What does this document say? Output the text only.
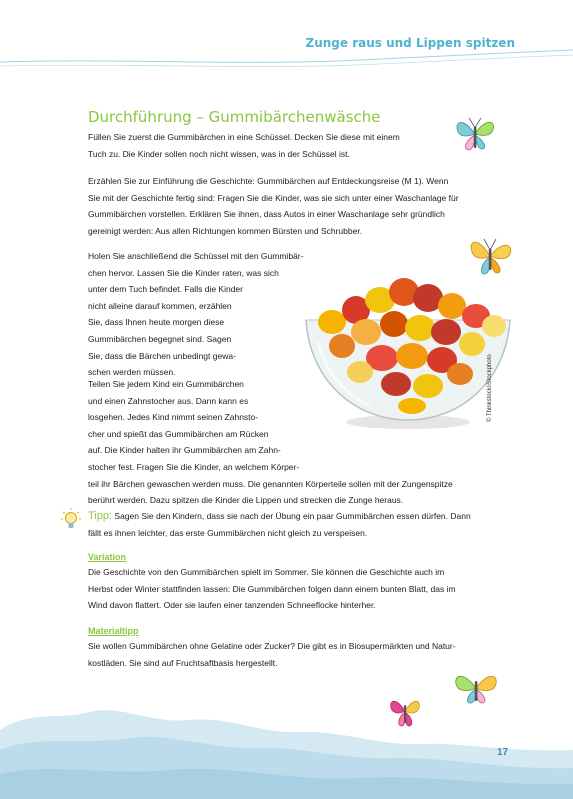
Zunge raus und Lippen spitzen
Durchführung – Gummibärchenwäsche
Füllen Sie zuerst die Gummibärchen in eine Schüssel. Decken Sie diese mit einem
Tuch zu. Die Kinder sollen noch nicht wissen, was in der Schüssel ist.
Erzählen Sie zur Einführung die Geschichte: Gummibärchen auf Entdeckungsreise (M 1). Wenn
Sie mit der Geschichte fertig sind: Fragen Sie die Kinder, was sie sich unter einer Waschanlage für
Gummibärchen vorstellen. Erklären Sie ihnen, dass Autos in einer Waschanlage sehr gründlich
gereinigt werden: Aus allen Richtungen kommen Bürsten und Schrubber.
Holen Sie anschließend die Schüssel mit den Gummibär-
chen hervor. Lassen Sie die Kinder raten, was sich
unter dem Tuch befindet. Falls die Kinder
nicht alleine darauf kommen, erzählen
Sie, dass Ihnen heute morgen diese
Gummibärchen begegnet sind. Sagen
Sie, dass die Bärchen unbedingt gewa-
schen werden müssen.
Teilen Sie jedem Kind ein Gummibärchen
und einen Zahnstocher aus. Dann kann es
losgehen. Jedes Kind nimmt seinen Zahnsto-
cher und spießt das Gummibärchen am Rücken
auf. Die Kinder halten ihr Gummibärchen am Zahn-
stocher fest. Fragen Sie die Kinder, an welchem Körper-
teil ihr Bärchen gewaschen werden muss. Die genannten Körperteile sollen mit der Zungenspitze
berührt werden. Dazu spitzen die Kinder die Lippen und strecken die Zunge heraus.
© Thinkstock/iStockphoto
Tipp: Sagen Sie den Kindern, dass sie nach der Übung ein paar Gummibärchen essen dürfen. Dann
fällt es ihnen leichter, das erste Gummibärchen nicht gleich zu verspeisen.
Variation
Die Geschichte von den Gummibärchen spielt im Sommer. Sie können die Geschichte auch im
Herbst oder Winter stattfinden lassen: Die Gummibärchen folgen dann einem bunten Blatt, das im
Wind davon flattert. Oder sie laufen einer tanzenden Schneeflocke hinterher.
Materialtipp
Sie wollen Gummibärchen ohne Gelatine oder Zucker? Die gibt es in Biosupermärkten und Natur-
kostläden. Sie sind auf Fruchtsaftbasis hergestellt.
17
